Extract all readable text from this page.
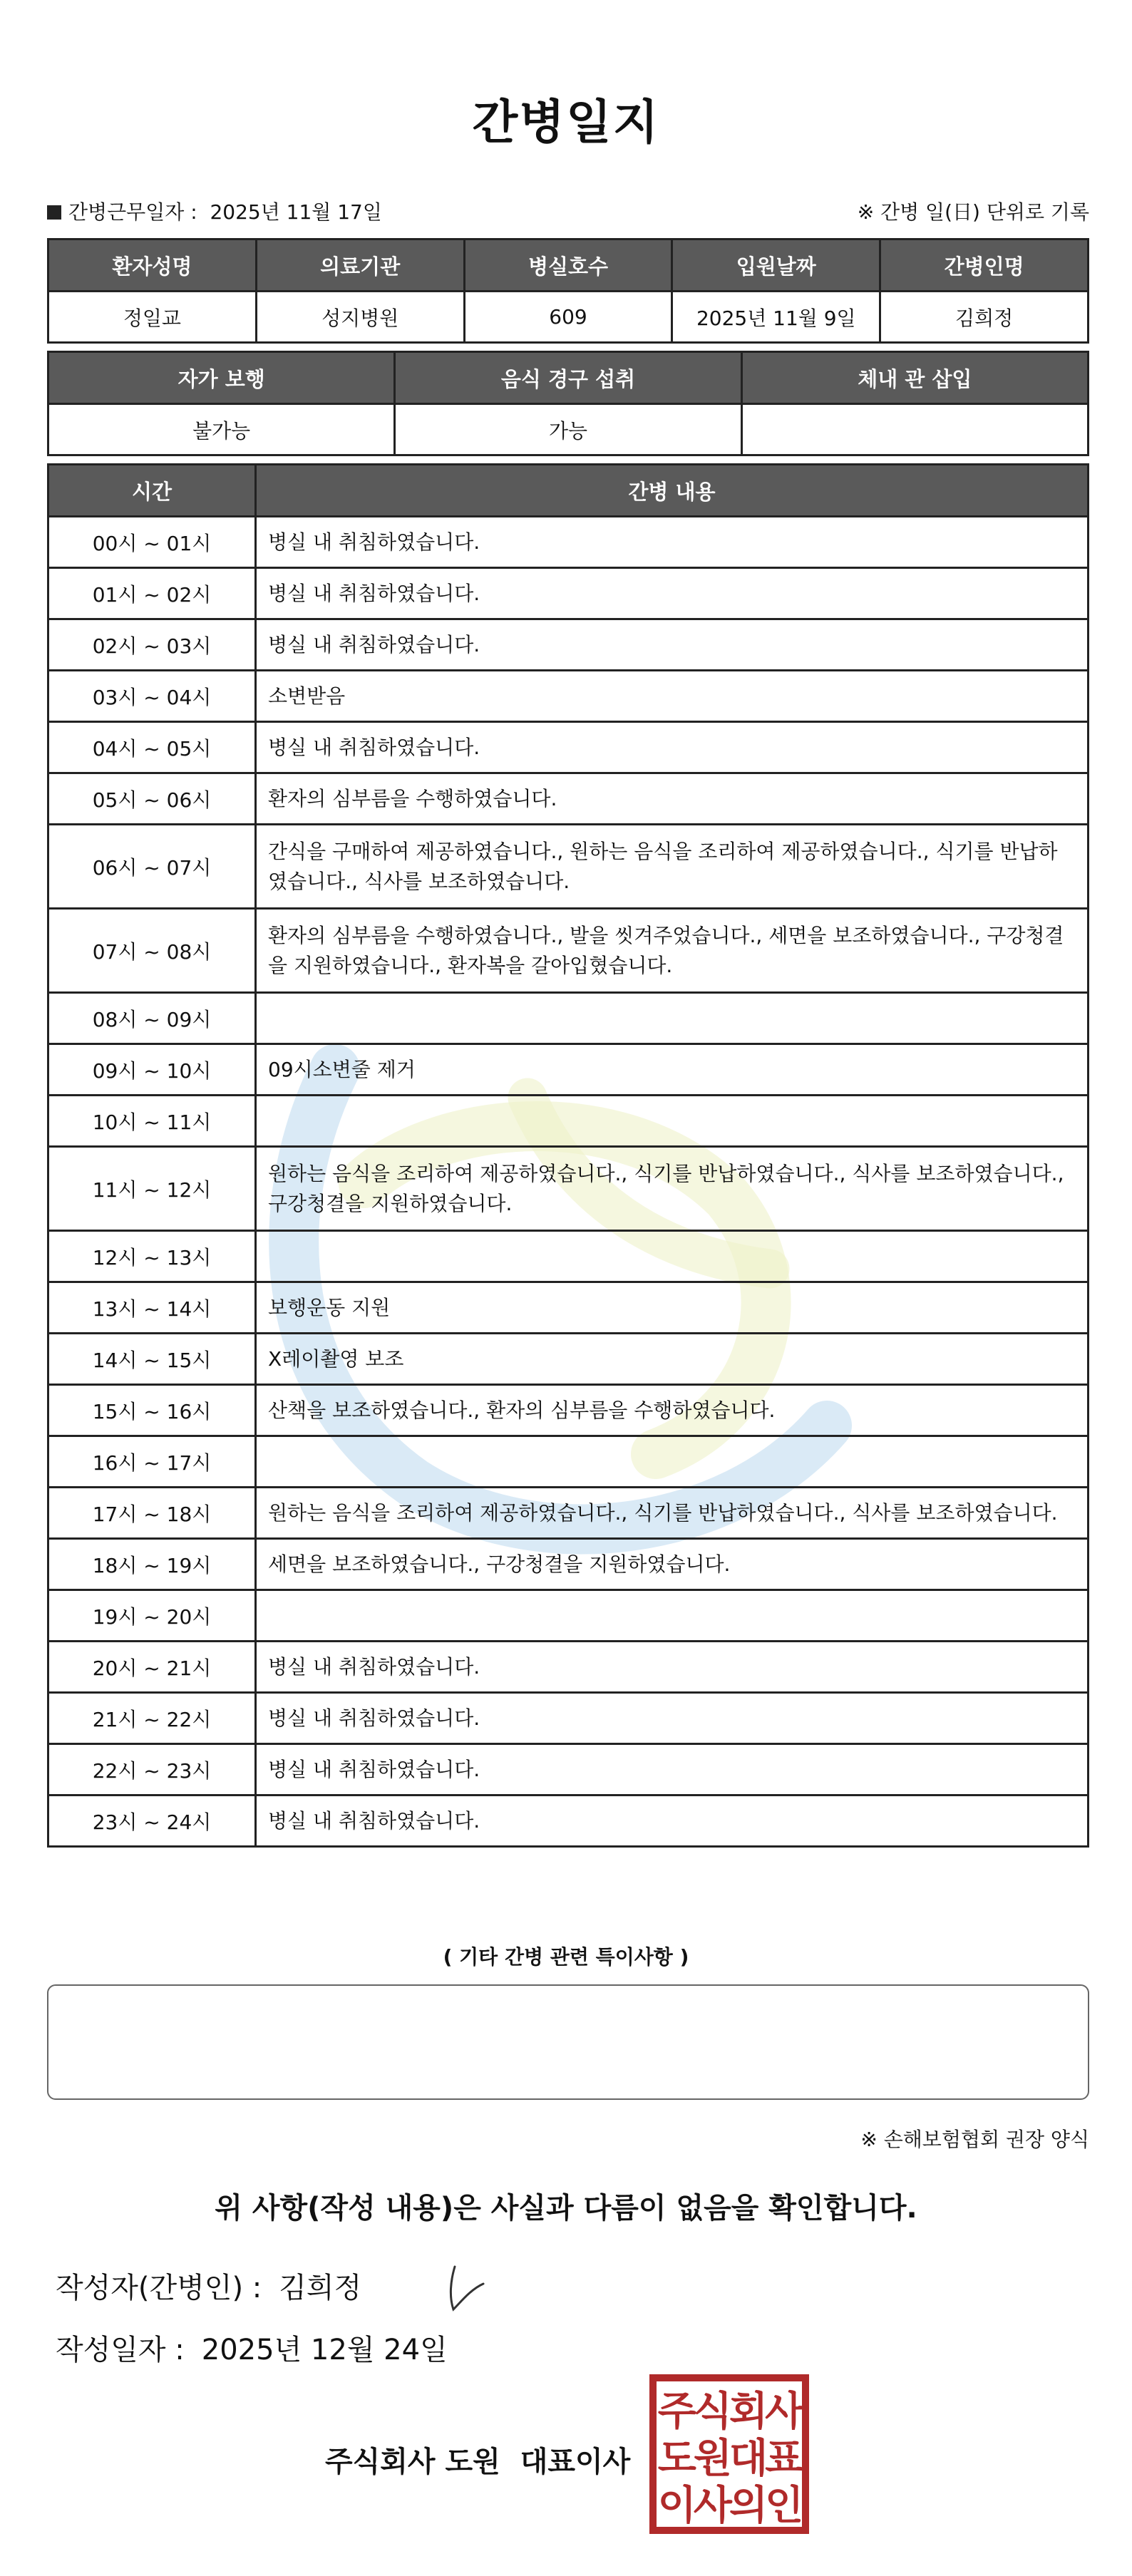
간병일지
간병근무일자 : 2025년 11월 17일	※ 간병 일(日) 단위로 기록
환자성명	의료기관	병실호수	입원날짜	간병인명
정일교	성지병원	609	2025년 11월 9일	김희정
자가 보행	음식 경구 섭취	체내 관 삽입
불가능	가능	
시간	간병 내용
00시 ~ 01시	병실 내 취침하였습니다.
01시 ~ 02시	병실 내 취침하였습니다.
02시 ~ 03시	병실 내 취침하였습니다.
03시 ~ 04시	소변받음
04시 ~ 05시	병실 내 취침하였습니다.
05시 ~ 06시	환자의 심부름을 수행하였습니다.
06시 ~ 07시	간식을 구매하여 제공하였습니다., 원하는 음식을 조리하여 제공하였습니다., 식기를 반납하였습니다., 식사를 보조하였습니다.
07시 ~ 08시	환자의 심부름을 수행하였습니다., 발을 씻겨주었습니다., 세면을 보조하였습니다., 구강청결을 지원하였습니다., 환자복을 갈아입혔습니다.
08시 ~ 09시	
09시 ~ 10시	09시소변줄 제거
10시 ~ 11시	
11시 ~ 12시	원하는 음식을 조리하여 제공하였습니다., 식기를 반납하였습니다., 식사를 보조하였습니다., 구강청결을 지원하였습니다.
12시 ~ 13시	
13시 ~ 14시	보행운동 지원
14시 ~ 15시	X레이촬영 보조
15시 ~ 16시	산책을 보조하였습니다., 환자의 심부름을 수행하였습니다.
16시 ~ 17시	
17시 ~ 18시	원하는 음식을 조리하여 제공하였습니다., 식기를 반납하였습니다., 식사를 보조하였습니다.
18시 ~ 19시	세면을 보조하였습니다., 구강청결을 지원하였습니다.
19시 ~ 20시	
20시 ~ 21시	병실 내 취침하였습니다.
21시 ~ 22시	병실 내 취침하였습니다.
22시 ~ 23시	병실 내 취침하였습니다.
23시 ~ 24시	병실 내 취침하였습니다.
( 기타 간병 관련 특이사항 )
※ 손해보험협회 권장 양식
위 사항(작성 내용)은 사실과 다름이 없음을 확인합니다.
작성자(간병인) : 김희정
작성일자 : 2025년 12월 24일
주식회사 도원 대표이사
주식회사
도원대표
이사의인
